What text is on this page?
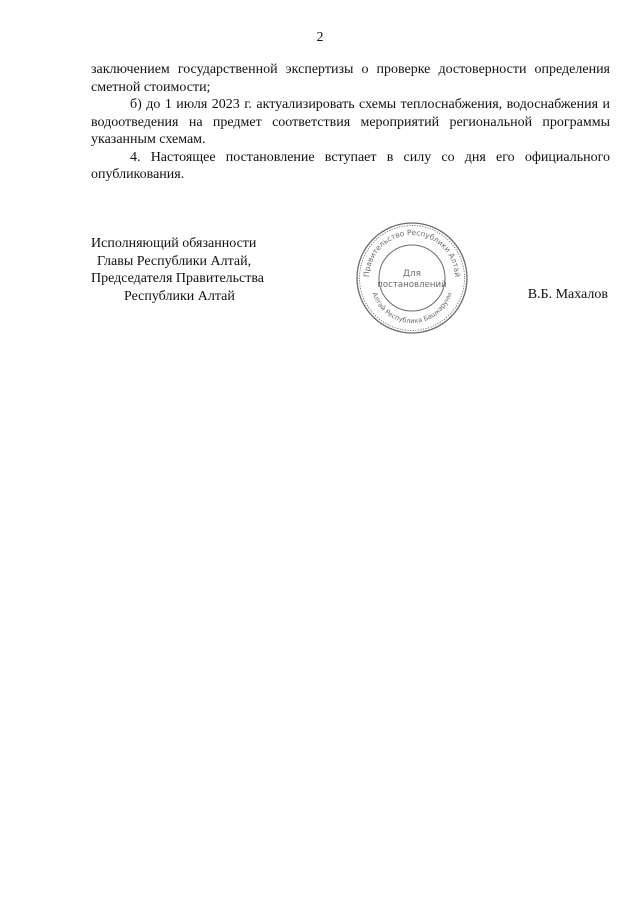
2

заключением государственной экспертизы о проверке достоверности определения сметной стоимости;

б) до 1 июля 2023 г. актуализировать схемы теплоснабжения, водоснабжения и водоотведения на предмет соответствия мероприятий региональной программы указанным схемам.

4. Настоящее постановление вступает в силу со дня его официального опубликования.

Исполняющий обязанности
Главы Республики Алтай,
Председателя Правительства
Республики Алтай
Правительство Республики Алтай
Алтай Республика Башкаруны
Для
постановлений
В.Б. Махалов
